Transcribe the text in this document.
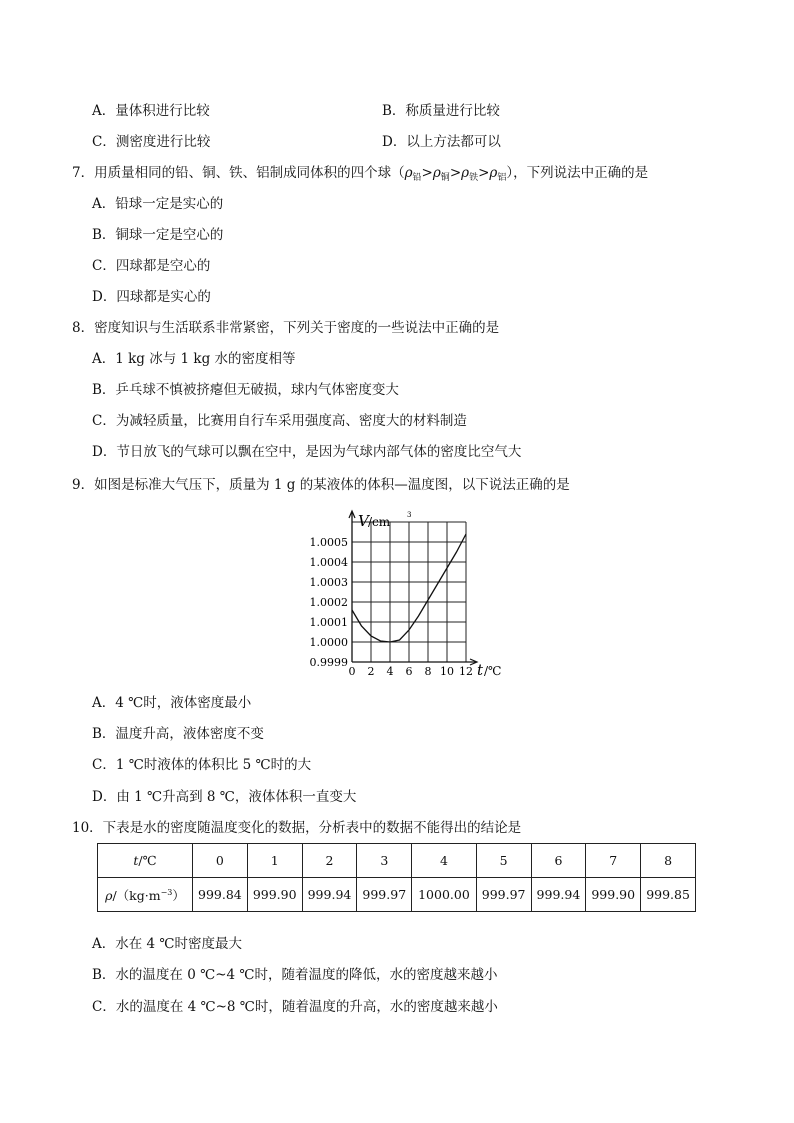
A．量体积进行比较	B．称质量进行比较
C．测密度进行比较	D．以上方法都可以
7．用质量相同的铅、铜、铁、铝制成同体积的四个球$(\rho_铅>\rho_铜>\rho_铁>\rho_铝)$，下列说法中正确的是
A．铅球一定是实心的
B．铜球一定是空心的
C．四球都是空心的
D．四球都是实心的
8．密度知识与生活联系非常紧密，下列关于密度的一些说法中正确的是
A．1 kg 冰与 1 kg 水的密度相等
B．乒乓球不慎被挤瘪但无破损，球内气体密度变大
C．为减轻质量，比赛用自行车采用强度高、密度大的材料制造
D．节日放飞的气球可以飘在空中，是因为气球内部气体的密度比空气大
9．如图是标准大气压下，质量为 1 g 的某液体的体积—温度图，以下说法正确的是
1.0005
1.0004
1.0003
1.0002
1.0001
1.0000
0.9999
0 2 4 6 8 10 12
V /cm 3
t /℃
A．4 ℃时，液体密度最小
B．温度升高，液体密度不变
C．1 ℃时液体的体积比 5 ℃时的大
D．由 1 ℃升高到 8 ℃，液体体积一直变大
10．下表是水的密度随温度变化的数据，分析表中的数据不能得出的结论是
t/℃	0	1	2	3	4	5	6	7	8
$\rho/(kg\cdot m^{-3})$	999.84	999.90	999.94	999.97	1000.00	999.97	999.94	999.90	999.85
A．水在 4 ℃时密度最大
B．水的温度在 0 ℃~4 ℃时，随着温度的降低，水的密度越来越小
C．水的温度在 4 ℃~8 ℃时，随着温度的升高，水的密度越来越小
